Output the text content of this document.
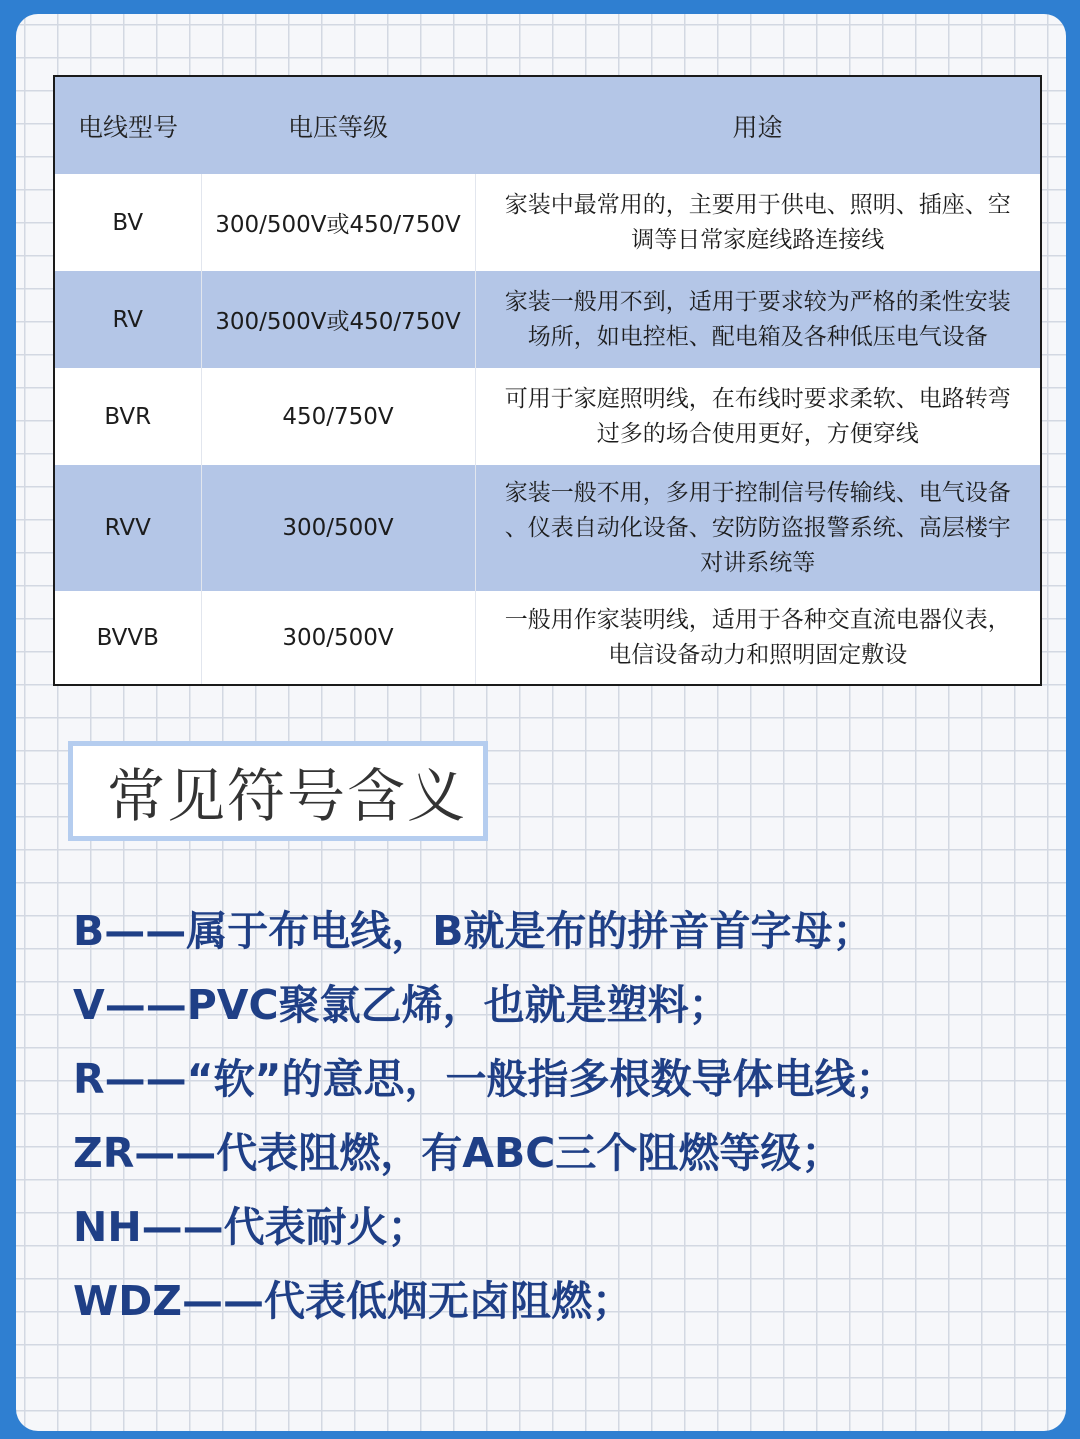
电线型号	电压等级	用途
BV	300/500V或450/750V	家装中最常用的，主要用于供电、照明、插座、空
调等日常家庭线路连接线

RV	300/500V或450/750V	家装一般用不到，适用于要求较为严格的柔性安装
场所，如电控柜、配电箱及各种低压电气设备

BVR	450/750V	可用于家庭照明线，在布线时要求柔软、电路转弯
过多的场合使用更好，方便穿线

RVV	300/500V	家装一般不用，多用于控制信号传输线、电气设备
、仪表自动化设备、安防防盗报警系统、高层楼宇
对讲系统等

BVVB	300/500V	一般用作家装明线，适用于各种交直流电器仪表，
电信设备动力和照明固定敷设
常见符号含义
B——属于布电线，B就是布的拼音首字母；
V——PVC聚氯乙烯，也就是塑料；
R——“软”的意思，一般指多根数导体电线；
ZR——代表阻燃，有ABC三个阻燃等级；
NH——代表耐火；
WDZ——代表低烟无卤阻燃；
